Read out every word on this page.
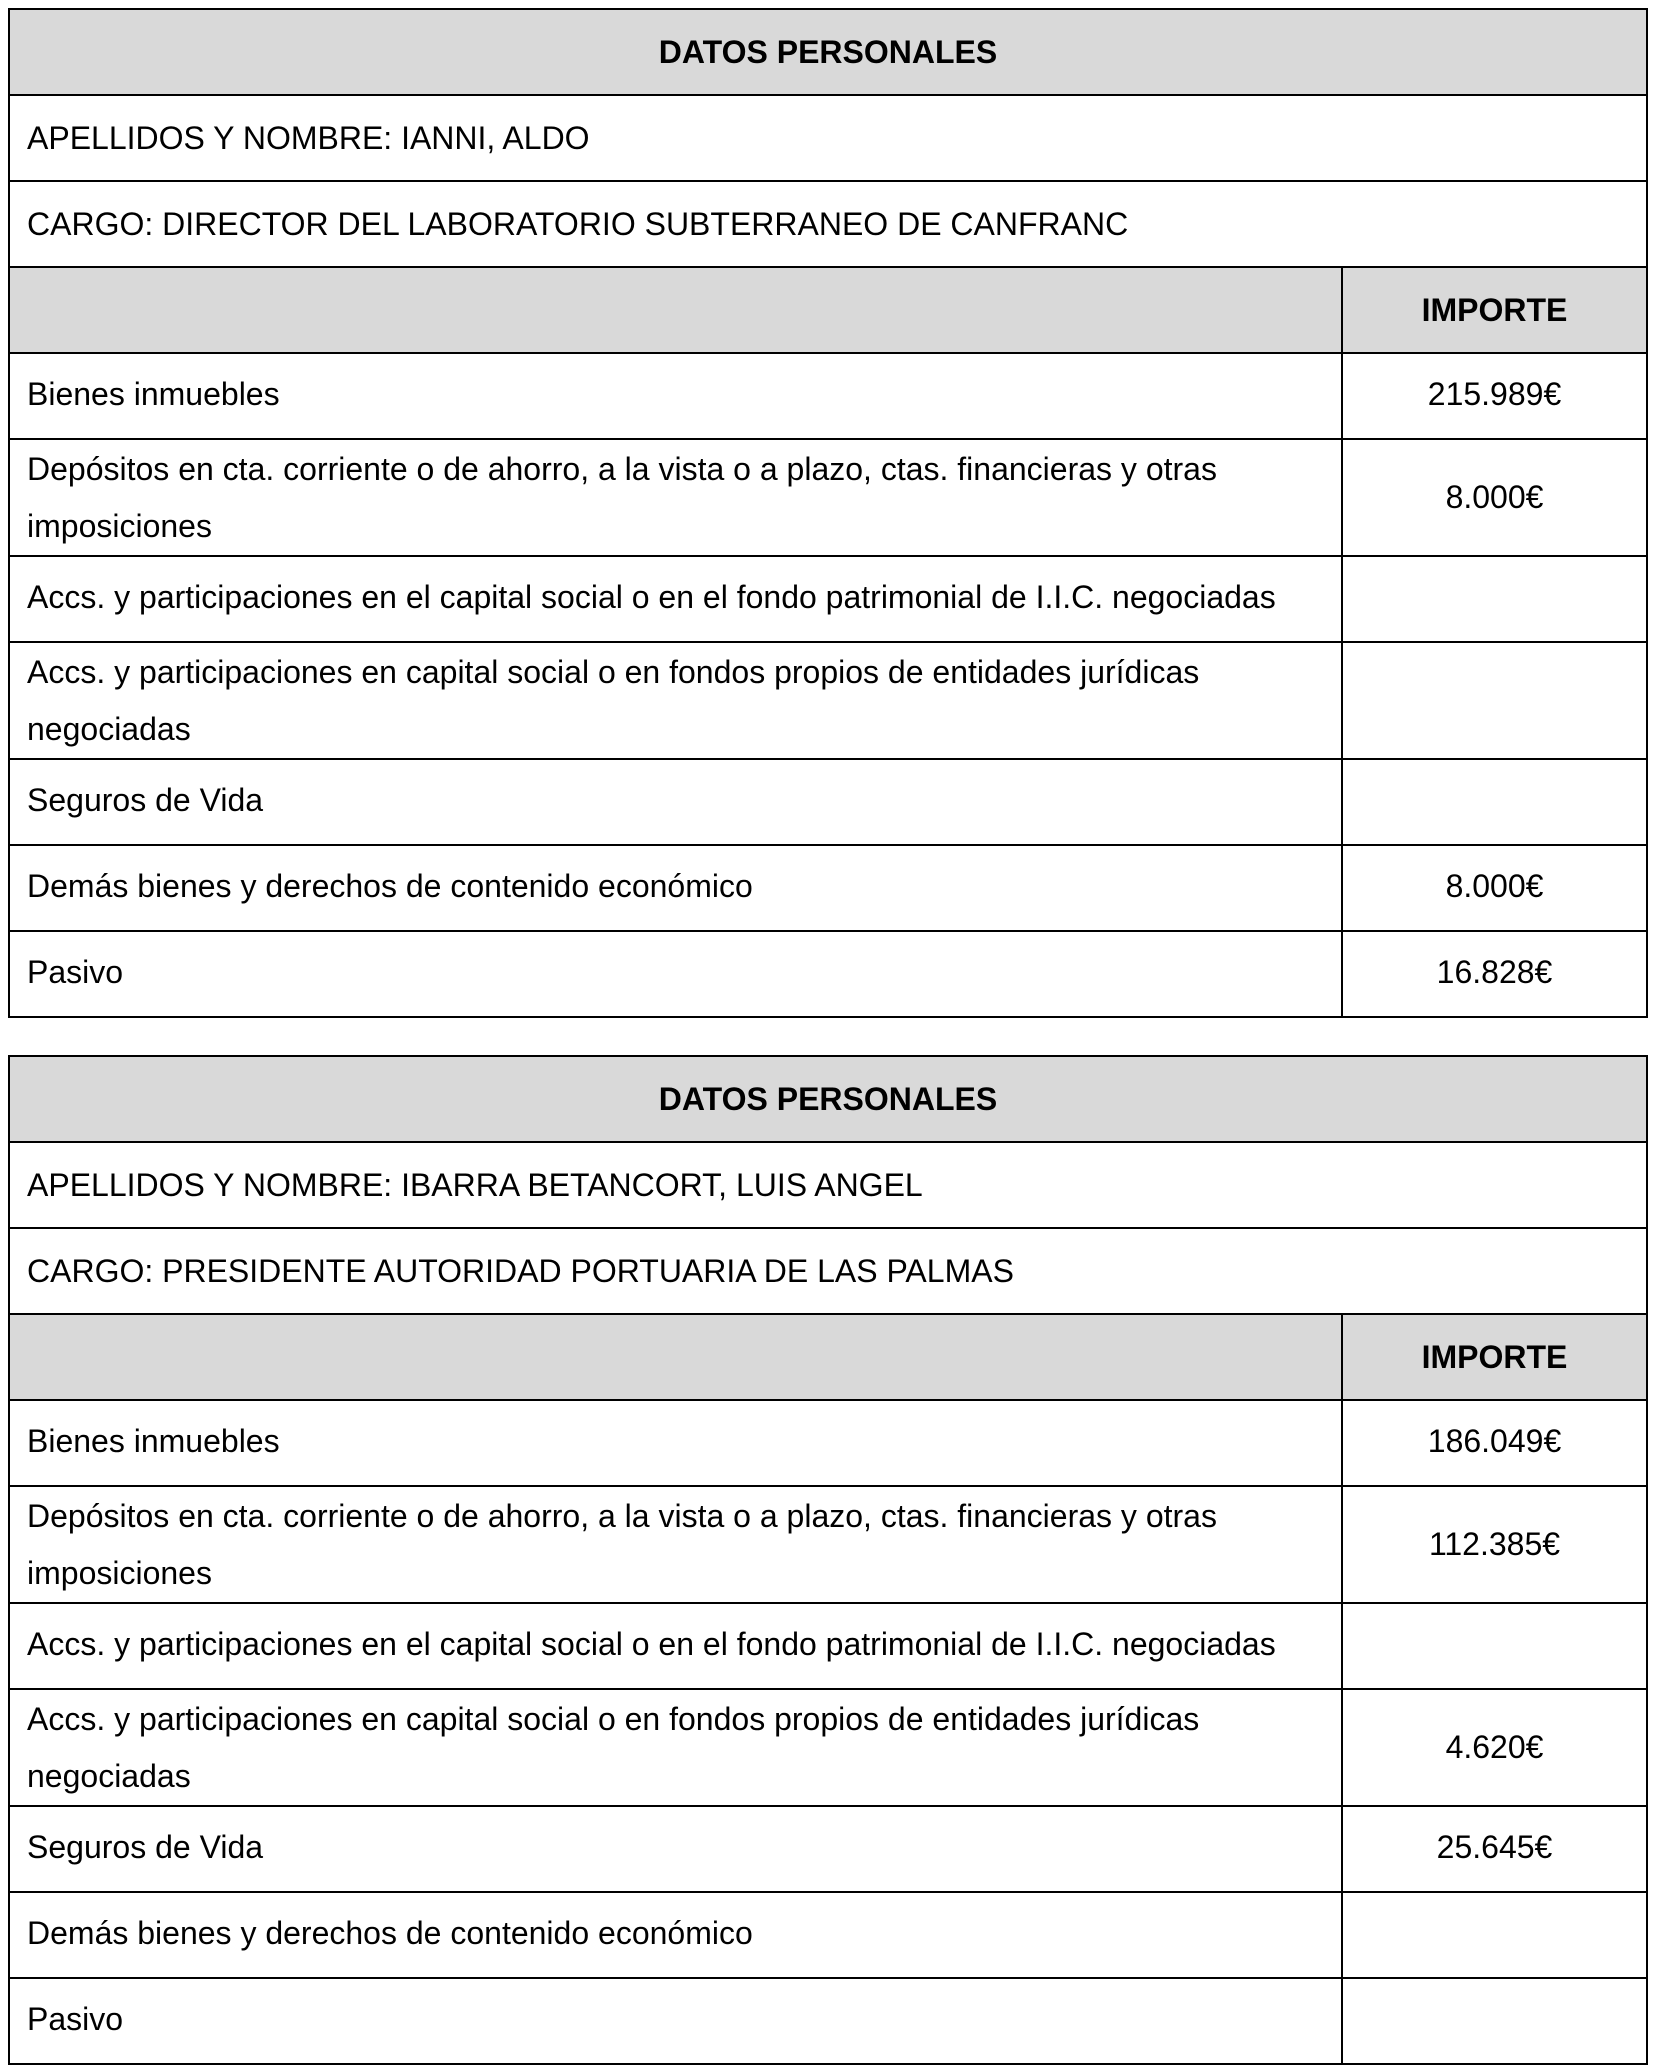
DATOS PERSONALES	
APELLIDOS Y NOMBRE: IANNI, ALDO	
CARGO: DIRECTOR DEL LABORATORIO SUBTERRANEO DE CANFRANC	
	IMPORTE
Bienes inmuebles	215.989€
Depósitos en cta. corriente o de ahorro, a la vista o a plazo, ctas. financieras y otras imposiciones	8.000€
Accs. y participaciones en el capital social o en el fondo patrimonial de I.I.C. negociadas	
Accs. y participaciones en capital social o en fondos propios de entidades jurídicas negociadas	
Seguros de Vida	
Demás bienes y derechos de contenido económico	8.000€
Pasivo	16.828€
DATOS PERSONALES	
APELLIDOS Y NOMBRE: IBARRA BETANCORT, LUIS ANGEL	
CARGO: PRESIDENTE AUTORIDAD PORTUARIA DE LAS PALMAS	
	IMPORTE
Bienes inmuebles	186.049€
Depósitos en cta. corriente o de ahorro, a la vista o a plazo, ctas. financieras y otras imposiciones	112.385€
Accs. y participaciones en el capital social o en el fondo patrimonial de I.I.C. negociadas	
Accs. y participaciones en capital social o en fondos propios de entidades jurídicas negociadas	4.620€
Seguros de Vida	25.645€
Demás bienes y derechos de contenido económico	
Pasivo	
